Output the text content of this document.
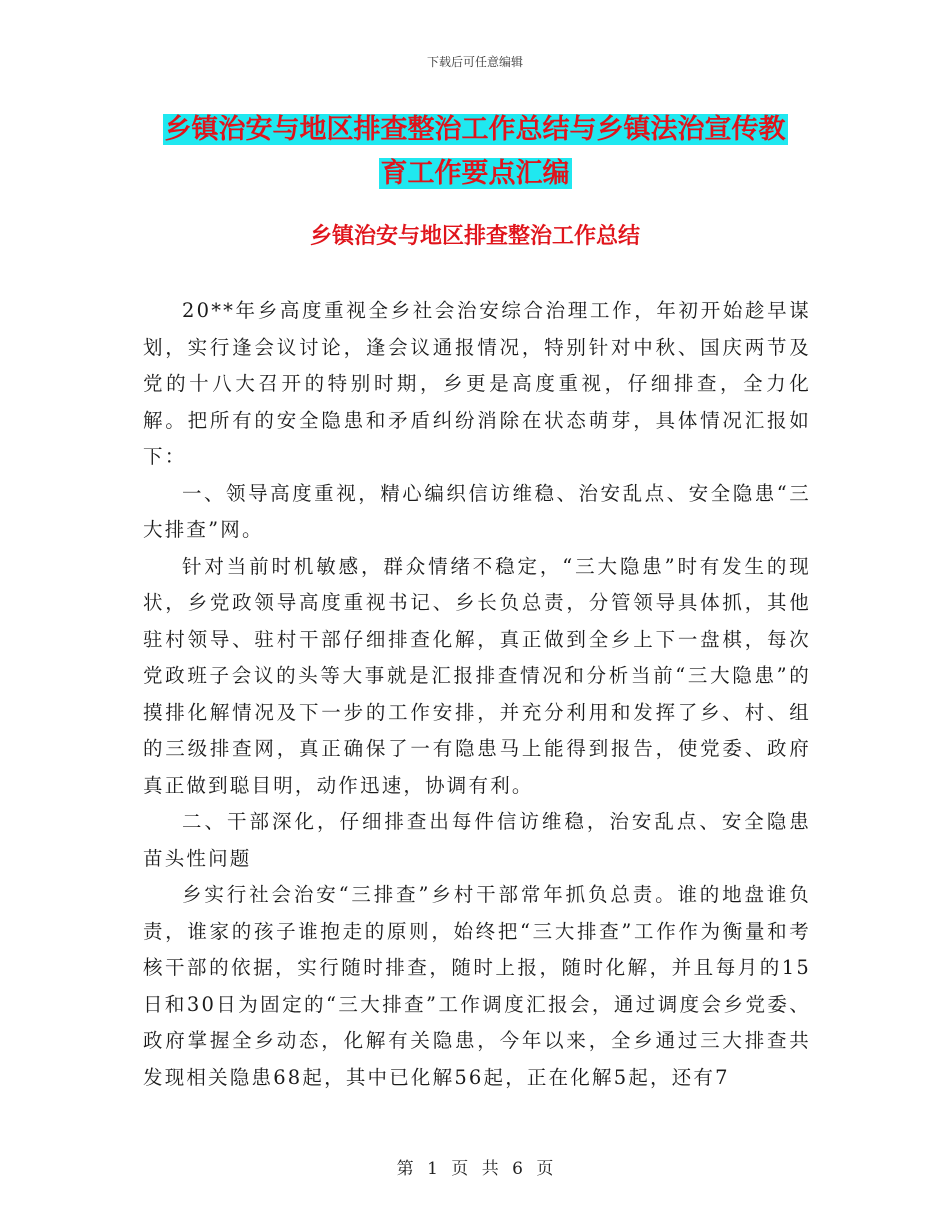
下载后可任意编辑
乡镇治安与地区排查整治工作总结与乡镇法治宣传教
育工作要点汇编
乡镇治安与地区排查整治工作总结

20**年乡高度重视全乡社会治安综合治理工作，年初开始趁早谋划，实行逢会议讨论，逢会议通报情况，特别针对中秋、国庆两节及党的十八大召开的特别时期，乡更是高度重视，仔细排查，全力化解。把所有的安全隐患和矛盾纠纷消除在状态萌芽，具体情况汇报如下：

一、领导高度重视，精心编织信访维稳、治安乱点、安全隐患“三大排查”网。

针对当前时机敏感，群众情绪不稳定，“三大隐患”时有发生的现状，乡党政领导高度重视书记、乡长负总责，分管领导具体抓，其他驻村领导、驻村干部仔细排查化解，真正做到全乡上下一盘棋，每次党政班子会议的头等大事就是汇报排查情况和分析当前“三大隐患”的摸排化解情况及下一步的工作安排，并充分利用和发挥了乡、村、组的三级排查网，真正确保了一有隐患马上能得到报告，使党委、政府真正做到聪目明，动作迅速，协调有利。

二、干部深化，仔细排查出每件信访维稳，治安乱点、安全隐患苗头性问题

乡实行社会治安“三排查”乡村干部常年抓负总责。谁的地盘谁负责，谁家的孩子谁抱走的原则，始终把“三大排查”工作作为衡量和考核干部的依据，实行随时排查，随时上报，随时化解，并且每月的15日和30日为固定的“三大排查”工作调度汇报会，通过调度会乡党委、政府掌握全乡动态，化解有关隐患，今年以来，全乡通过三大排查共发现相关隐患68起，其中已化解56起，正在化解5起，还有7

第 1 页 共 6 页
